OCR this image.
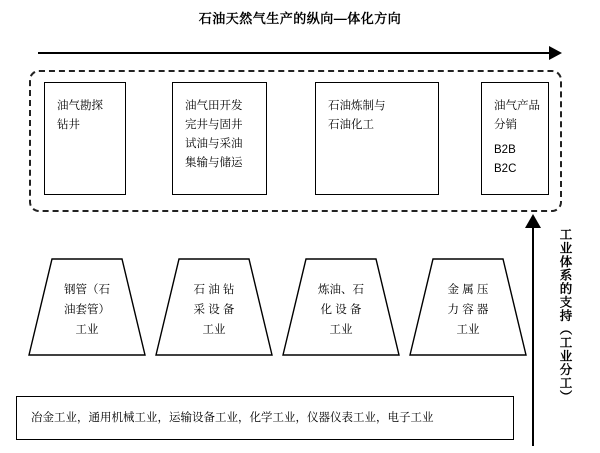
石油天然气生产的纵向—体化方向
油气勘探
钻井
油气田开发
完井与固井
试油与采油
集输与储运
石油炼制与
石油化工
油气产品
分销
B2B
B2C
工业体系的支持（工业分工）
钢管（石
油套管）
工业
石 油 钻
采 设 备
工业
炼油、石
化 设 备
工业
金 属 压
力 容 器
工业
冶金工业，通用机械工业，运输设备工业，化学工业，仪器仪表工业，电子工业
